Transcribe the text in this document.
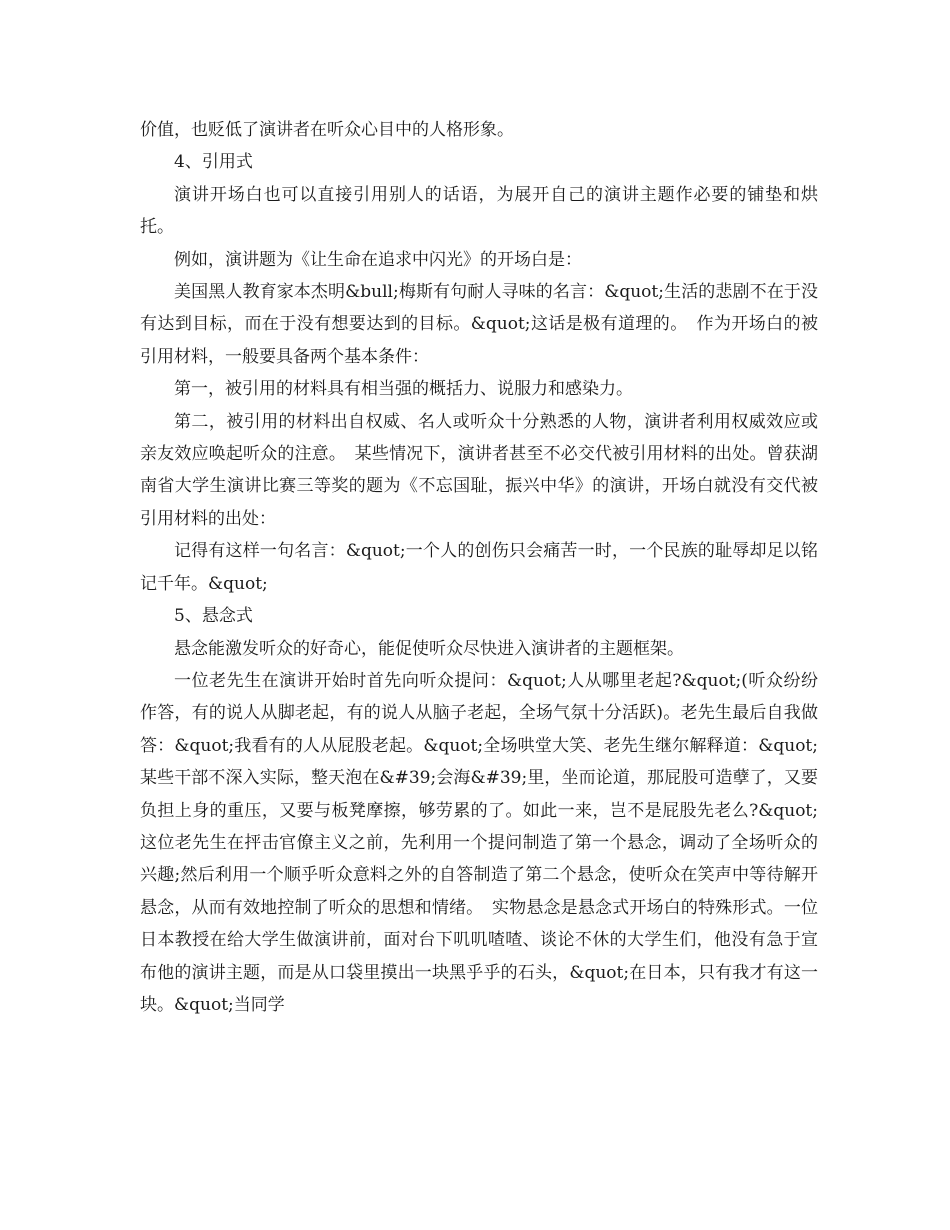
价值，也贬低了演讲者在听众心目中的人格形象。

4、引用式

演讲开场白也可以直接引用别人的话语，为展开自己的演讲主题作必要的铺垫和烘托。

例如，演讲题为《让生命在追求中闪光》的开场白是：

美国黑人教育家本杰明&bull;梅斯有句耐人寻味的名言：&quot;生活的悲剧不在于没有达到目标，而在于没有想要达到的目标。&quot;这话是极有道理的。　作为开场白的被引用材料，一般要具备两个基本条件：

第一，被引用的材料具有相当强的概括力、说服力和感染力。

第二，被引用的材料出自权威、名人或听众十分熟悉的人物，演讲者利用权威效应或亲友效应唤起听众的注意。　某些情况下，演讲者甚至不必交代被引用材料的出处。曾获湖南省大学生演讲比赛三等奖的题为《不忘国耻，振兴中华》的演讲，开场白就没有交代被引用材料的出处：

记得有这样一句名言：&quot;一个人的创伤只会痛苦一时，一个民族的耻辱却足以铭记千年。&quot;

5、悬念式

悬念能激发听众的好奇心，能促使听众尽快进入演讲者的主题框架。

一位老先生在演讲开始时首先向听众提问：&quot;人从哪里老起?&quot;(听众纷纷作答，有的说人从脚老起，有的说人从脑子老起，全场气氛十分活跃)。老先生最后自我做答：&quot;我看有的人从屁股老起。&quot;全场哄堂大笑、老先生继尔解释道：&quot;某些干部不深入实际，整天泡在&#39;会海&#39;里，坐而论道，那屁股可造孽了，又要负担上身的重压，又要与板凳摩擦，够劳累的了。如此一来，岂不是屁股先老么?&quot; 这位老先生在抨击官僚主义之前，先利用一个提问制造了第一个悬念，调动了全场听众的兴趣;然后利用一个顺乎听众意料之外的自答制造了第二个悬念，使听众在笑声中等待解开悬念，从而有效地控制了听众的思想和情绪。　实物悬念是悬念式开场白的特殊形式。一位日本教授在给大学生做演讲前，面对台下叽叽喳喳、谈论不休的大学生们，他没有急于宣布他的演讲主题，而是从口袋里摸出一块黑乎乎的石头，&quot;在日本，只有我才有这一块。&quot;当同学
